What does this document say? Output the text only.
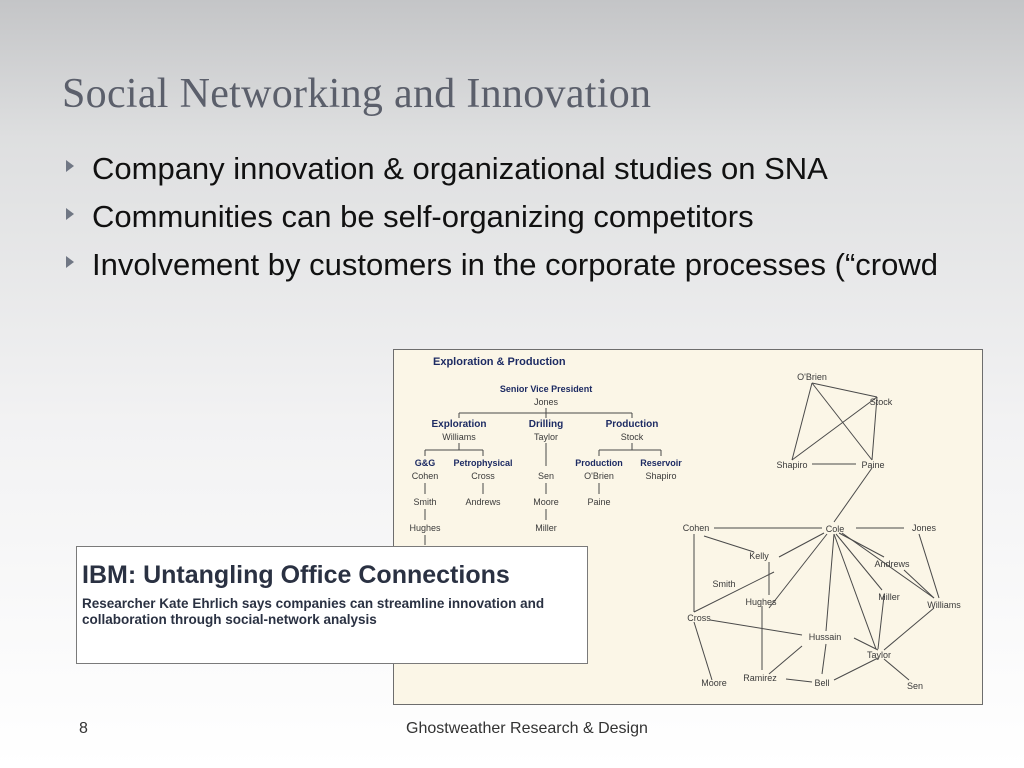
Social Networking and Innovation
Company innovation & organizational studies on SNA
Communities can be self-organizing competitors
Involvement by customers in the corporate processes (“crowd
Exploration & Production
Senior Vice President
Jones
Exploration
Williams
Drilling
Taylor
Production
Stock
G&G Petrophysical	Production Reservoir
Cohen
Smith
Hughes
Cross
Andrews
Sen
Moore
Miller
O'Brien
Paine
Shapiro
O'Brien
Stock
Shapiro	Paine
Cohen	Cole	Jones
Kelly
Smith
Hughes
Andrews
Miller
Williams
Cross
Hussain
Taylor
Moore Ramirez	Bell	Sen
IBM: Untangling Office Connections
Researcher Kate Ehrlich says companies can streamline innovation and collaboration through social-network analysis
8	Ghostweather Research & Design
